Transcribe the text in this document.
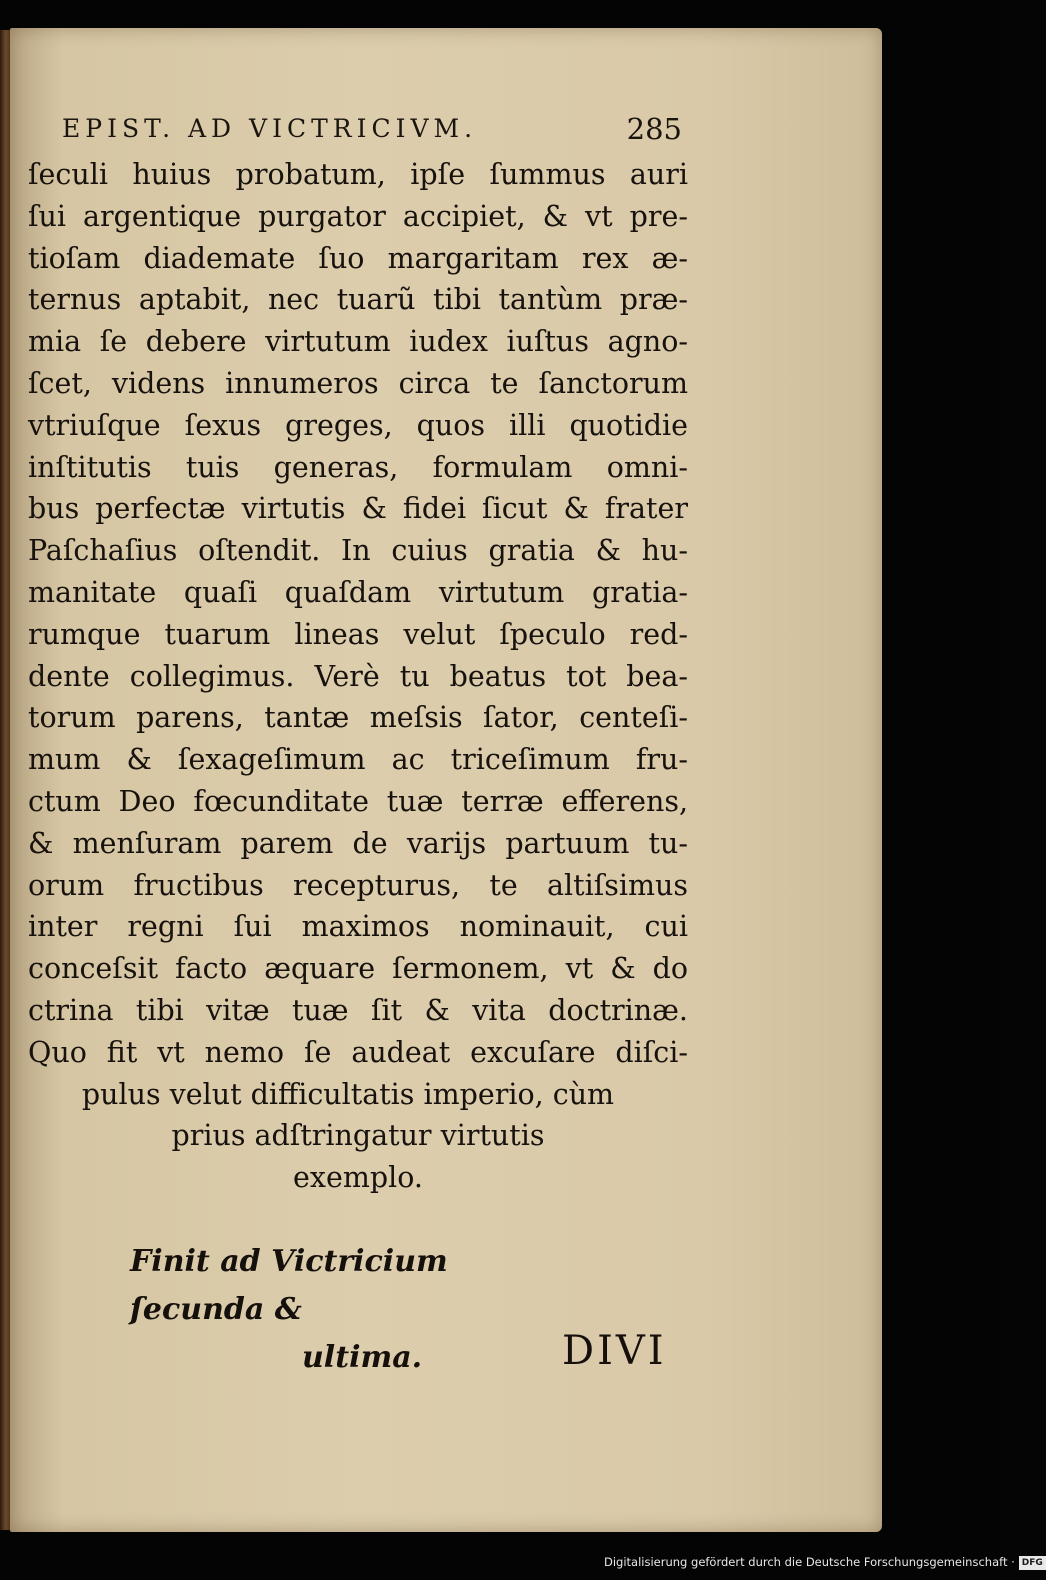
EPIST. AD VICTRICIVM.	285
ſeculi huius probatum, ipſe ſummus auri
ſui argentique purgator accipiet, & vt pre-
tioſam diademate ſuo margaritam rex æ-
ternus aptabit, nec tuarũ tibi tantùm præ-
mia ſe debere virtutum iudex iuſtus agno-
ſcet, videns innumeros circa te ſanctorum
vtriuſque ſexus greges, quos illi quotidie
inſtitutis tuis generas, formulam omni-
bus perfectæ virtutis & fidei ſicut & frater
Paſchaſius oſtendit. In cuius gratia & hu-
manitate quaſi quaſdam virtutum gratia-
rumque tuarum lineas velut ſpeculo red-
dente collegimus. Verè tu beatus tot bea-
torum parens, tantæ meſsis ſator, centeſi-
mum & ſexageſimum ac triceſimum fru-
ctum Deo fœcunditate tuæ terræ efferens,
& menſuram parem de varijs partuum tu-
orum fructibus recepturus, te altiſsimus
inter regni ſui maximos nominauit, cui
conceſsit facto æquare ſermonem, vt & do
ctrina tibi vitæ tuæ ſit & vita doctrinæ.
Quo fit vt nemo ſe audeat excuſare diſci-
pulus velut difficultatis imperio, cùm
prius adſtringatur virtutis
exemplo.
Finit ad Victricium ſecunda &
ultima.	DIVI
Digitalisierung gefördert durch die Deutsche Forschungsgemeinschaft · DFG
